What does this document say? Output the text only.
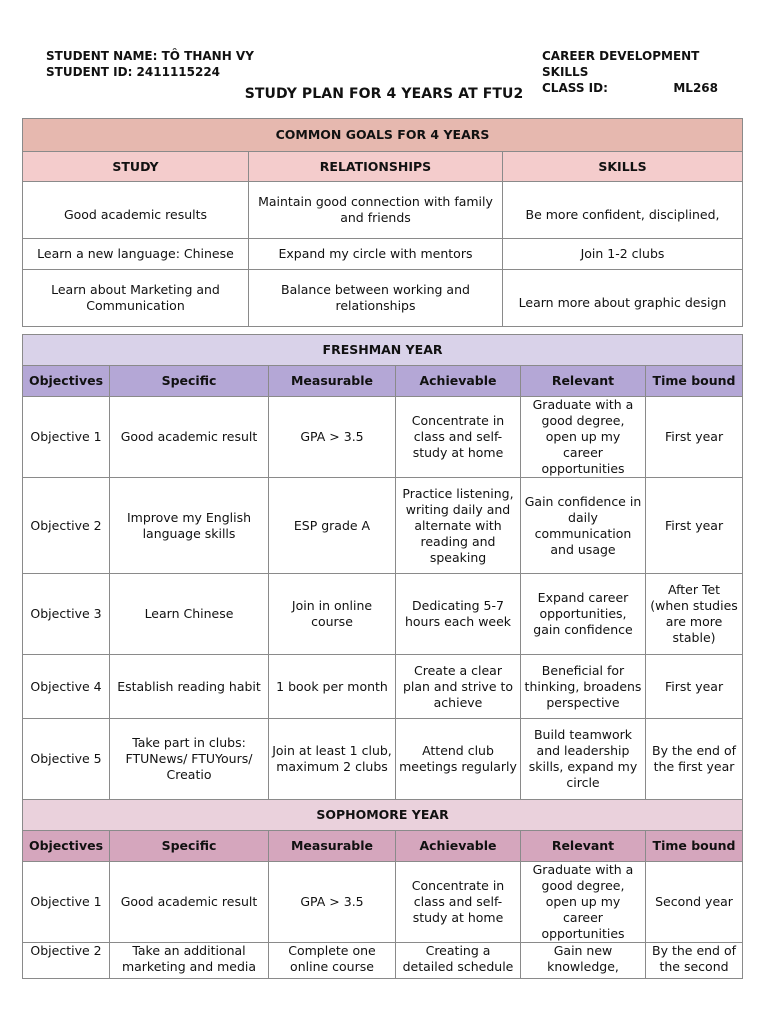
STUDENT NAME: TÔ THANH VY
STUDENT ID: 2411115224
CAREER DEVELOPMENT SKILLS
CLASS ID:	ML268
STUDY PLAN FOR 4 YEARS AT FTU2
COMMON GOALS FOR 4 YEARS		
STUDY	RELATIONSHIPS	SKILLS
Good academic results	Maintain good connection with family and friends	Be more confident, disciplined,
Learn a new language: Chinese	Expand my circle with mentors	Join 1-2 clubs
Learn about Marketing and Communication	Balance between working and relationships	Learn more about graphic design
FRESHMAN YEAR					
Objectives	Specific	Measurable	Achievable	Relevant	Time bound
Objective 1	Good academic result	GPA > 3.5	Concentrate in class and self-study at home	Graduate with a good degree, open up my career opportunities	First year
Objective 2	Improve my English language skills	ESP grade A	Practice listening, writing daily and alternate with reading and speaking	Gain confidence in daily communication and usage	First year
Objective 3	Learn Chinese	Join in online course	Dedicating 5-7 hours each week	Expand career opportunities, gain confidence	After Tet (when studies are more stable)
Objective 4	Establish reading habit	1 book per month	Create a clear plan and strive to achieve	Beneficial for thinking, broadens perspective	First year
Objective 5	Take part in clubs: FTUNews/ FTUYours/ Creatio	Join at least 1 club, maximum 2 clubs	Attend club meetings regularly	Build teamwork and leadership skills, expand my circle	By the end of the first year
SOPHOMORE YEAR					
Objectives	Specific	Measurable	Achievable	Relevant	Time bound
Objective 1	Good academic result	GPA > 3.5	Concentrate in class and self-study at home	Graduate with a good degree, open up my career opportunities	Second year
Objective 2	Take an additional marketing and media	Complete one online course	Creating a detailed schedule	Gain new knowledge,	By the end of the second
